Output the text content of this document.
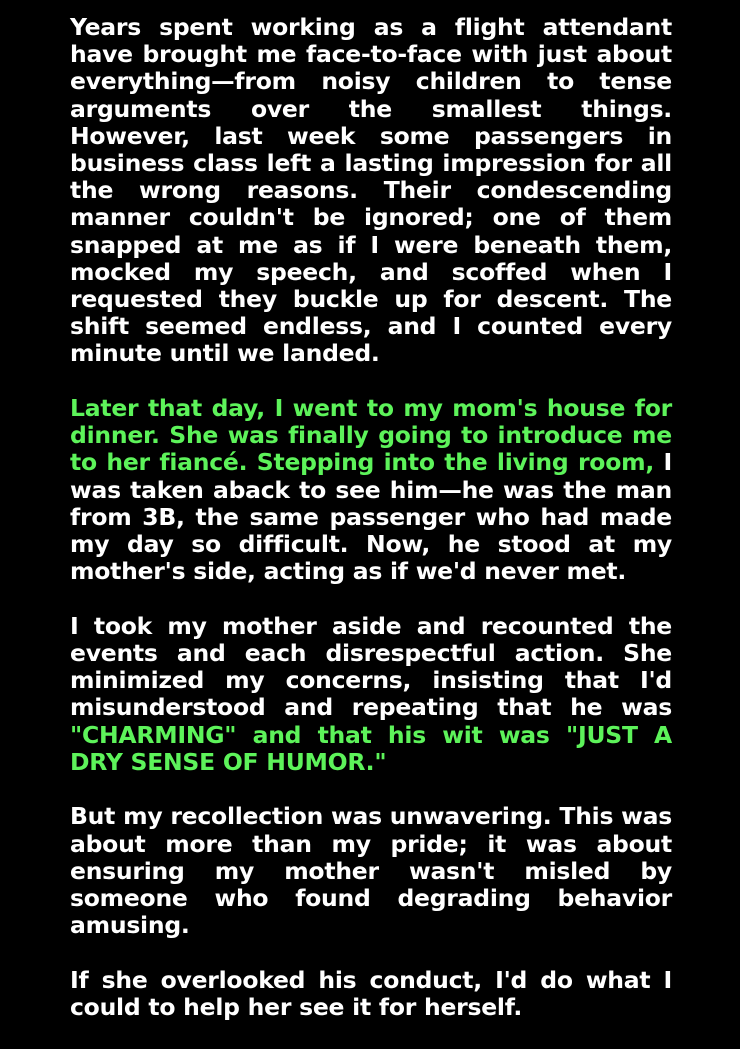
Years spent working as a flight attendant have brought me face-to-face with just about everything—from noisy children to tense arguments over the smallest things. However, last week some passengers in business class left a lasting impression for all the wrong reasons. Their condescending manner couldn't be ignored; one of them snapped at me as if I were beneath them, mocked my speech, and scoffed when I requested they buckle up for descent. The shift seemed endless, and I counted every minute until we landed.

Later that day, I went to my mom's house for dinner. She was finally going to introduce me to her fiancé. Stepping into the living room, I was taken aback to see him—he was the man from 3B, the same passenger who had made my day so difficult. Now, he stood at my mother's side, acting as if we'd never met.

I took my mother aside and recounted the events and each disrespectful action. She minimized my concerns, insisting that I'd misunderstood and repeating that he was "CHARMING" and that his wit was "JUST A DRY SENSE OF HUMOR."

But my recollection was unwavering. This was about more than my pride; it was about ensuring my mother wasn't misled by someone who found degrading behavior amusing.

If she overlooked his conduct, I'd do what I could to help her see it for herself.
